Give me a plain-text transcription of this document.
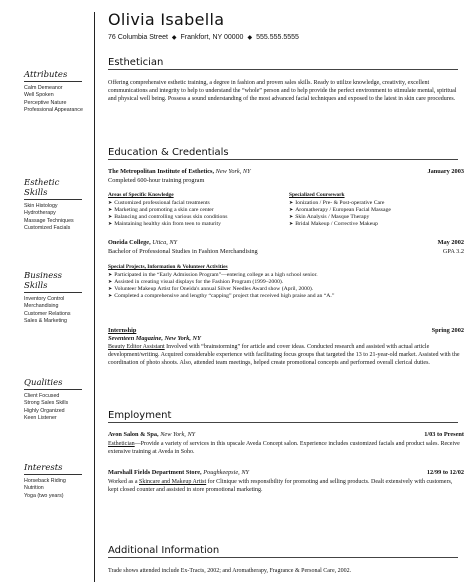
Olivia Isabella
76 Columbia Street ◆ Frankfort, NY 00000 ◆ 555.555.5555
Attributes
Calm Demeanor
Well Spoken
Perceptive Nature
Professional Appearance
Esthetic Skills
Skin Histology
Hydrotherapy
Massage Techniques
Customized Facials
Business Skills
Inventory Control
Merchandising
Customer Relations
Sales & Marketing
Qualities
Client Focused
Strong Sales Skills
Highly Organized
Keen Listener
Interests
Horseback Riding
Nutrition
Yoga (two years)
Esthetician
Offering comprehensive esthetic training, a degree in fashion and proven sales skills. Ready to utilize knowledge, creativity, excellent communications and integrity to help to understand the “whole” person and to help provide the perfect environment to stimulate mental, spiritual and physical well being. Possess a sound understanding of the most advanced facial techniques and exposed to the latest in skin care procedures.
Education & Credentials
The Metropolitan Institute of Esthetics, New York, NY	January 2003
Completed 600-hour training program
Areas of Specific Knowledge
➤ Customized professional facial treatments
➤ Marketing and promoting a skin care center
➤ Balancing and controlling various skin conditions
➤ Maintaining healthy skin from teen to maturity
Specialized Coursework
➤ Ionization / Pre- & Post-operative Care
➤ Aromatherapy / European Facial Massage
➤ Skin Analysis / Masque Therapy
➤ Bridal Makeup / Corrective Makeup
Oneida College, Utica, NY	May 2002
Bachelor of Professional Studies in Fashion Merchandising	GPA 3.2
Special Projects, Information & Volunteer Activities
➤ Participated in the “Early Admission Program”—entering college as a high school senior.
➤ Assisted in creating visual displays for the Fashion Program (1999–2000).
➤ Volunteer Makeup Artist for Oneida's annual Silver Needles Award show (April, 2000).
➤ Completed a comprehensive and lengthy “capping” project that received high praise and an “A.”
Internship	Spring 2002
Seventeen Magazine, New York, NY
Beauty Editor Assistant Involved with “brainstorming” for article and cover ideas. Conducted research and assisted with actual article development/writing. Acquired considerable experience with facilitating focus groups that targeted the 13 to 21-year-old market. Assisted with the coordination of photo shoots. Also, attended team meetings, helped create promotional concepts and performed overall clerical duties.
Employment
Avon Salon & Spa, New York, NY	1/03 to Present
Esthetician—Provide a variety of services in this upscale Aveda Concept salon. Experience includes customized facials and product sales. Receive extensive training at Aveda in Soho.
Marshall Fields Department Store, Poughkeepsie, NY	12/99 to 12/02
Worked as a Skincare and Makeup Artist for Clinique with responsibility for promoting and selling products. Dealt extensively with customers, kept closed counter and assisted in store promotional marketing.
Additional Information
Trade shows attended include Ex-Tracts, 2002; and Aromatherapy, Fragrance & Personal Care, 2002.
